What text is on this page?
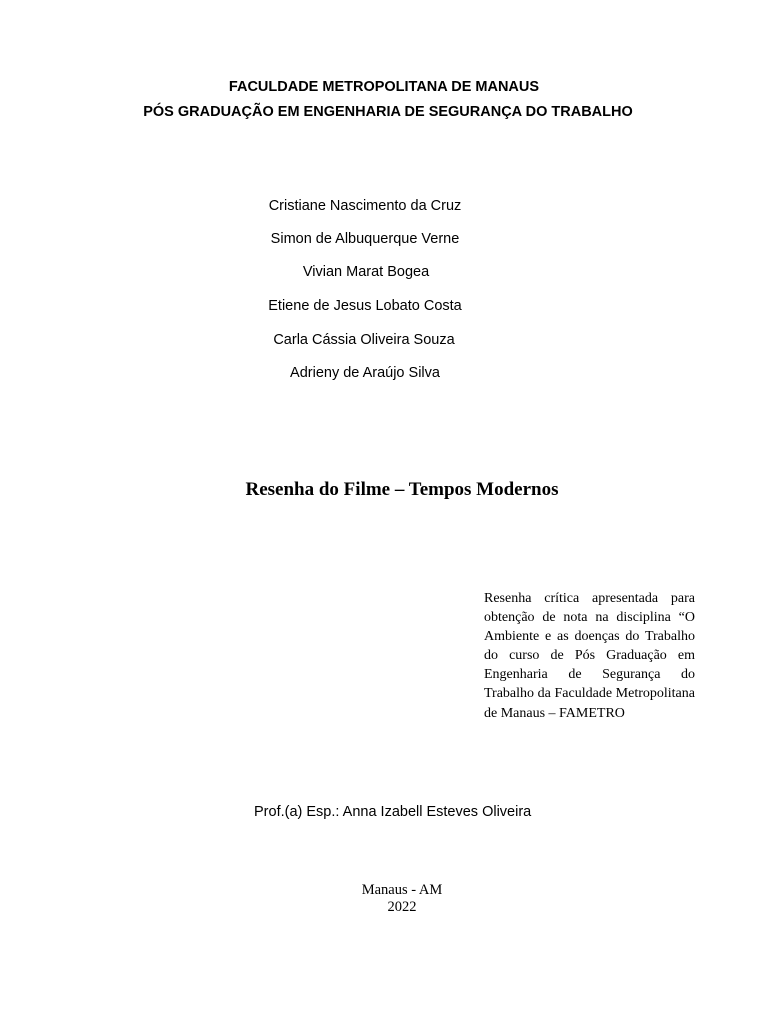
FACULDADE METROPOLITANA DE MANAUS
PÓS GRADUAÇÃO EM ENGENHARIA DE SEGURANÇA DO TRABALHO
Cristiane Nascimento da Cruz
Simon de Albuquerque Verne
Vivian Marat Bogea
Etiene de Jesus Lobato Costa
Carla Cássia Oliveira Souza
Adrieny de Araújo Silva
Resenha do Filme – Tempos Modernos
Resenha crítica apresentada para obtenção de nota na disciplina “O Ambiente e as doenças do Trabalho do curso de Pós Graduação em Engenharia de Segurança do Trabalho da Faculdade Metropolitana de Manaus – FAMETRO
Prof.(a) Esp.: Anna Izabell Esteves Oliveira
Manaus - AM
2022
